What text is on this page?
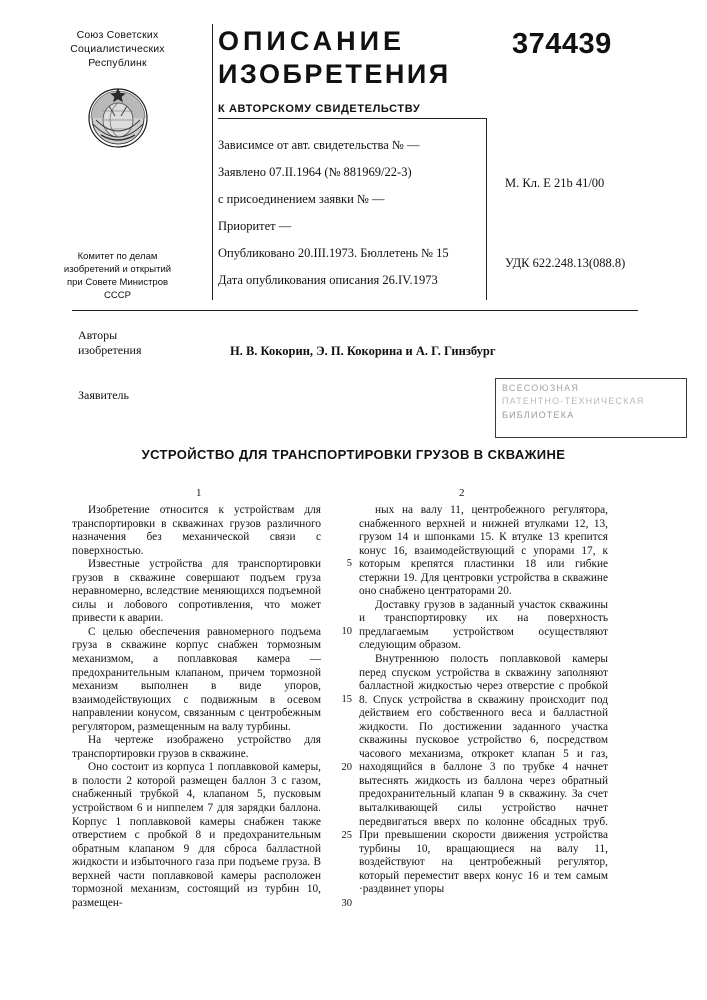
Союз Советских
Социалистических
Республинк
Комитет по делам
изобретений и открытий
при Совете Министров
СССР
ОПИСАНИЕ
ИЗОБРЕТЕНИЯ
К АВТОРСКОМУ СВИДЕТЕЛЬСТВУ
374439
Зависимсе от авт. свидетельства № —
Заявлено 07.II.1964 (№ 881969/22-3)
с присоединением заявки № —
Приоритет —
Опубликовано 20.III.1973. Бюллетень № 15
Дата опубликования описания 26.IV.1973
М. Кл. Е 21b 41/00
УДК 622.248.13(088.8)
Авторы
изобретения	Н. В. Кокорин, Э. П. Кокорина и А. Г. Гинзбург
Заявитель	ВСЕСОЮЗНАЯ
ПАТЕНТНО-ТЕХНИЧЕСКАЯ
БИБЛИОТЕКА
УСТРОЙСТВО ДЛЯ ТРАНСПОРТИРОВКИ ГРУЗОВ В СКВАЖИНЕ
1	2

Изобретение относится к устройствам для транспортировки в скважинах грузов различного назначения без механической связи с поверхностью.

Известные устройства для транспортировки грузов в скважине совершают подъем груза неравномерно, вследствие меняющихся подъемной силы и лобового сопротивления, что может привести к аварии.

С целью обеспечения равномерного подъема груза в скважине корпус снабжен тормозным механизмом, а поплавковая камера — предохранительным клапаном, причем тормозной механизм выполнен в виде упоров, взаимодействующих с подвижным в осевом направлении конусом, связанным с центробежным регулятором, размещенным на валу турбины.

На чертеже изображено устройство для транспортировки грузов в скважине.

Оно состоит из корпуса 1 поплавковой камеры, в полости 2 которой размещен баллон 3 с газом, снабженный трубкой 4, клапаном 5, пусковым устройством 6 и ниппелем 7 для зарядки баллона. Корпус 1 поплавковой камеры снабжен также отверстием с пробкой 8 и предохранительным обратным клапаном 9 для сброса балластной жидкости и избыточного газа при подъеме груза. В верхней части поплавковой камеры расположен тормозной механизм, состоящий из турбин 10, размещен-

ных на валу 11, центробежного регулятора, снабженного верхней и нижней втулками 12, 13, грузом 14 и шпонками 15. К втулке 13 крепится конус 16, взаимодействующий с упорами 17, к которым крепятся пластинки 18 или гибкие стержни 19. Для центровки устройства в скважине оно снабжено центраторами 20.

Доставку грузов в заданный участок скважины и транспортировку их на поверхность предлагаемым устройством осуществляют следующим образом.

Внутреннюю полость поплавковой камеры перед спуском устройства в скважину заполняют балластной жидкостью через отверстие с пробкой 8. Спуск устройства в скважину происходит под действием его собственного веса и балластной жидкости. По достижении заданного участка скважины пусковое устройство 6, посредством часового механизма, открокет клапан 5 и газ, находящийся в баллоне 3 по трубке 4 начнет вытеснять жидкость из баллона через обратный предохранительный клапан 9 в скважину. За счет выталкивающей силы устройство начнет передвигаться вверх по колонне обсадных труб. При превышении скорости движения устройства турбины 10, вращающиеся на валу 11, воздействуют на центробежный регулятор, который переместит вверх конус 16 и тем самым ·раздвинет упоры

5
10
15
20
25
30
